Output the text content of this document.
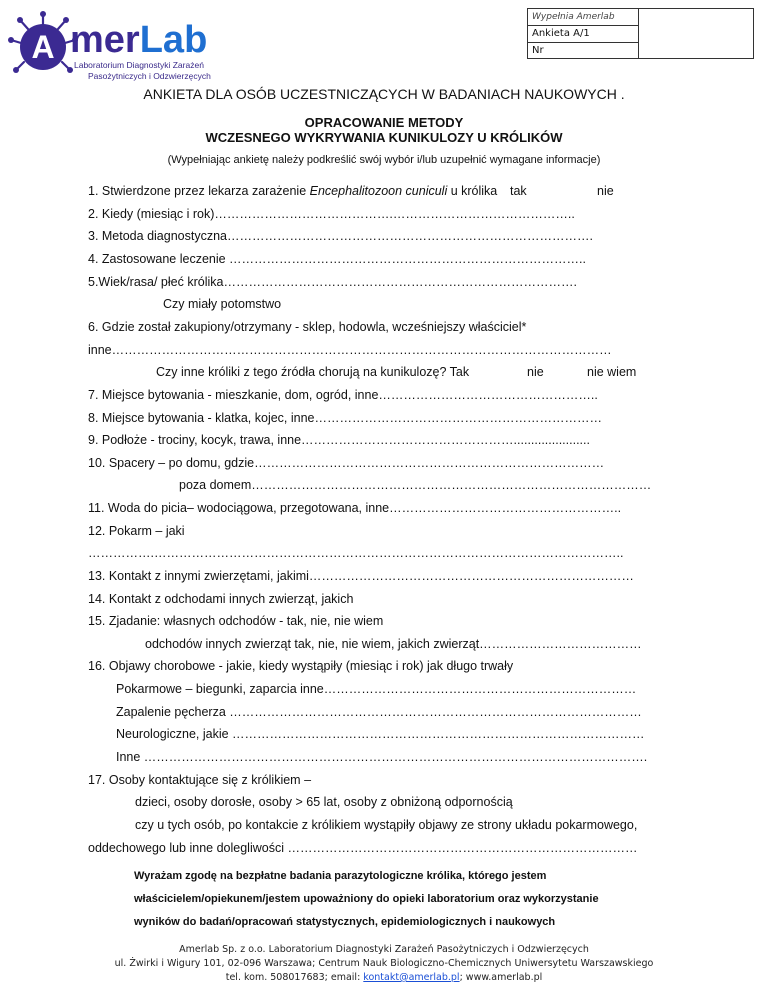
A merLab
Laboratorium Diagnostyki Zarażeń
Pasożytniczych i Odzwierzęcych
Wypełnia Amerlab
Ankieta A/1
Nr
ANKIETA DLA OSÓB UCZESTNICZĄCYCH W BADANIACH NAUKOWYCH .
OPRACOWANIE METODY
WCZESNEGO WYKRYWANIA KUNIKULOZY U KRÓLIKÓW
(Wypełniając ankietę należy podkreślić swój wybór i/lub uzupełnić wymagane informacje)
1. Stwierdzone przez lekarza zarażenie Encephalitozoon cuniculi u królika tak	nie
2. Kiedy (miesiąc i rok)…………………………………….……………………………………..
3. Metoda diagnostyczna…………………………………………………………………………….
4. Zastosowane leczenie …………………………………………………………………………..
5.Wiek/rasa/ płeć królika………………………………………………………………………….
Czy miały potomstwo
6. Gdzie został zakupiony/otrzymany - sklep, hodowla, wcześniejszy właściciel*
inne…………………………………………………………………………………………………………
Czy inne króliki z tego źródła chorują na kunikulozę? Tak	nie	nie wiem
7. Miejsce bytowania - mieszkanie, dom, ogród, inne……………………………………………..
8. Miejsce bytowania - klatka, kojec, inne……………………………………………………………
9. Podłoże - trociny, kocyk, trawa, inne……………………………………………......................
10. Spacery – po domu, gdzie…………………………………………………………………………
poza domem……………………………………………………………………………………
11. Woda do picia– wodociągowa, przegotowana, inne………………………………………………..
12. Pokarm – jaki
…………….…………………………………………………………………………………………………..
13. Kontakt z innymi zwierzętami, jakimi……………………………………………………………………
14. Kontakt z odchodami innych zwierząt, jakich
15. Zjadanie: własnych odchodów - tak, nie, nie wiem
odchodów innych zwierząt tak, nie, nie wiem, jakich zwierząt…………………………………
16. Objawy chorobowe - jakie, kiedy wystąpiły (miesiąc i rok) jak długo trwały
Pokarmowe – biegunki, zaparcia inne…………………………………………………………………
Zapalenie pęcherza ………………………………………………………………………………………
Neurologiczne, jakie ………………………………………………………………………………………
Inne ………………………………………………………………………………………………………….
17. Osoby kontaktujące się z królikiem –
dzieci, osoby dorosłe, osoby > 65 lat, osoby z obniżoną odpornością
czy u tych osób, po kontakcie z królikiem wystąpiły objawy ze strony układu pokarmowego,
oddechowego lub inne dolegliwości …………………………………………………………………………
Wyrażam zgodę na bezpłatne badania parazytologiczne królika, którego jestem
właścicielem/opiekunem/jestem upoważniony do opieki laboratorium oraz wykorzystanie
wyników do badań/opracowań statystycznych, epidemiologicznych i naukowych
Amerlab Sp. z o.o. Laboratorium Diagnostyki Zarażeń Pasożytniczych i Odzwierzęcych
ul. Żwirki i Wigury 101, 02-096 Warszawa; Centrum Nauk Biologiczno-Chemicznych Uniwersytetu Warszawskiego
tel. kom. 508017683; email: kontakt@amerlab.pl; www.amerlab.pl
